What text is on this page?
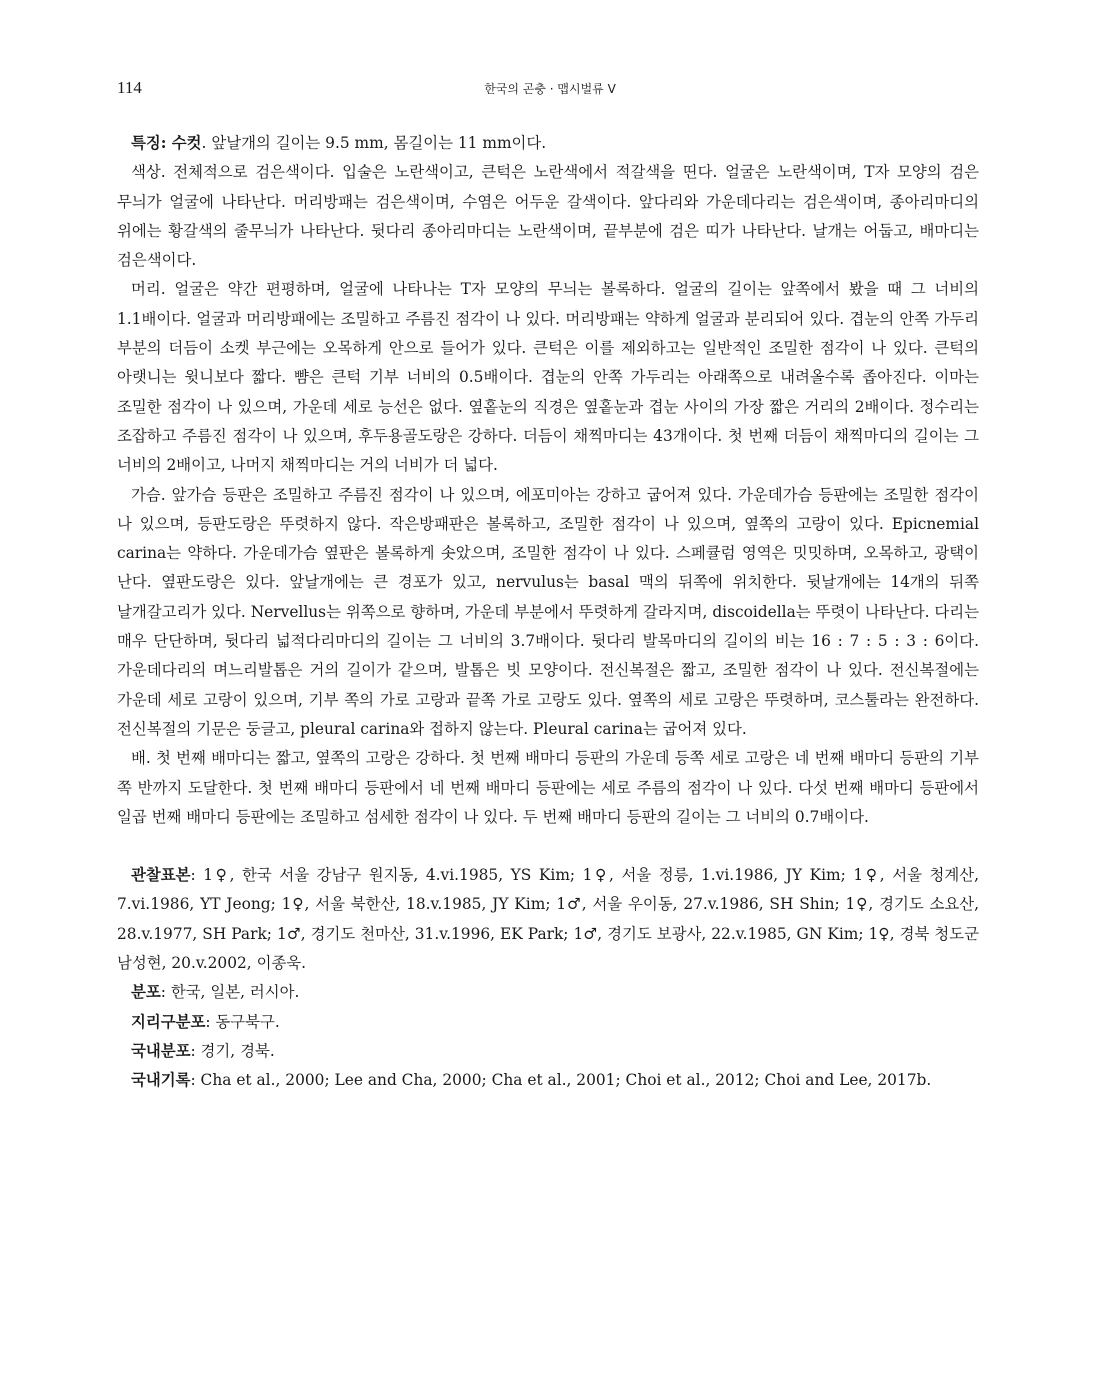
114	한국의 곤충 · 맵시벌류 V

특징: 수컷. 앞날개의 길이는 9.5 mm, 몸길이는 11 mm이다.

색상. 전체적으로 검은색이다. 입술은 노란색이고, 큰턱은 노란색에서 적갈색을 띤다. 얼굴은 노란색이며, T자 모양의 검은 무늬가 얼굴에 나타난다. 머리방패는 검은색이며, 수염은 어두운 갈색이다. 앞다리와 가운데다리는 검은색이며, 종아리마디의 위에는 황갈색의 줄무늬가 나타난다. 뒷다리 종아리마디는 노란색이며, 끝부분에 검은 띠가 나타난다. 날개는 어둡고, 배마디는 검은색이다.

머리. 얼굴은 약간 편평하며, 얼굴에 나타나는 T자 모양의 무늬는 볼록하다. 얼굴의 길이는 앞쪽에서 봤을 때 그 너비의 1.1배이다. 얼굴과 머리방패에는 조밀하고 주름진 점각이 나 있다. 머리방패는 약하게 얼굴과 분리되어 있다. 겹눈의 안쪽 가두리 부분의 더듬이 소켓 부근에는 오목하게 안으로 들어가 있다. 큰턱은 이를 제외하고는 일반적인 조밀한 점각이 나 있다. 큰턱의 아랫니는 윗니보다 짧다. 뺨은 큰턱 기부 너비의 0.5배이다. 겹눈의 안쪽 가두리는 아래쪽으로 내려올수록 좁아진다. 이마는 조밀한 점각이 나 있으며, 가운데 세로 능선은 없다. 옆홑눈의 직경은 옆홑눈과 겹눈 사이의 가장 짧은 거리의 2배이다. 정수리는 조잡하고 주름진 점각이 나 있으며, 후두용골도랑은 강하다. 더듬이 채찍마디는 43개이다. 첫 번째 더듬이 채찍마디의 길이는 그 너비의 2배이고, 나머지 채찍마디는 거의 너비가 더 넓다.

가슴. 앞가슴 등판은 조밀하고 주름진 점각이 나 있으며, 에포미아는 강하고 굽어져 있다. 가운데가슴 등판에는 조밀한 점각이 나 있으며, 등판도랑은 뚜렷하지 않다. 작은방패판은 볼록하고, 조밀한 점각이 나 있으며, 옆쪽의 고랑이 있다. Epicnemial carina는 약하다. 가운데가슴 옆판은 볼록하게 솟았으며, 조밀한 점각이 나 있다. 스페큘럼 영역은 밋밋하며, 오목하고, 광택이 난다. 옆판도랑은 있다. 앞날개에는 큰 경포가 있고, nervulus는 basal 맥의 뒤쪽에 위치한다. 뒷날개에는 14개의 뒤쪽 날개갈고리가 있다. Nervellus는 위쪽으로 향하며, 가운데 부분에서 뚜렷하게 갈라지며, discoidella는 뚜렷이 나타난다. 다리는 매우 단단하며, 뒷다리 넓적다리마디의 길이는 그 너비의 3.7배이다. 뒷다리 발목마디의 길이의 비는 16 : 7 : 5 : 3 : 6이다. 가운데다리의 며느리발톱은 거의 길이가 같으며, 발톱은 빗 모양이다. 전신복절은 짧고, 조밀한 점각이 나 있다. 전신복절에는 가운데 세로 고랑이 있으며, 기부 쪽의 가로 고랑과 끝쪽 가로 고랑도 있다. 옆쪽의 세로 고랑은 뚜렷하며, 코스툴라는 완전하다. 전신복절의 기문은 둥글고, pleural carina와 접하지 않는다. Pleural carina는 굽어져 있다.

배. 첫 번째 배마디는 짧고, 옆쪽의 고랑은 강하다. 첫 번째 배마디 등판의 가운데 등쪽 세로 고랑은 네 번째 배마디 등판의 기부 쪽 반까지 도달한다. 첫 번째 배마디 등판에서 네 번째 배마디 등판에는 세로 주름의 점각이 나 있다. 다섯 번째 배마디 등판에서 일곱 번째 배마디 등판에는 조밀하고 섬세한 점각이 나 있다. 두 번째 배마디 등판의 길이는 그 너비의 0.7배이다.

관찰표본: 1♀, 한국 서울 강남구 원지동, 4.vi.1985, YS Kim; 1♀, 서울 정릉, 1.vi.1986, JY Kim; 1♀, 서울 청계산, 7.vi.1986, YT Jeong; 1♀, 서울 북한산, 18.v.1985, JY Kim; 1♂, 서울 우이동, 27.v.1986, SH Shin; 1♀, 경기도 소요산, 28.v.1977, SH Park; 1♂, 경기도 천마산, 31.v.1996, EK Park; 1♂, 경기도 보광사, 22.v.1985, GN Kim; 1♀, 경북 청도군 남성현, 20.v.2002, 이종욱.

분포: 한국, 일본, 러시아.

지리구분포: 동구북구.

국내분포: 경기, 경북.

국내기록: Cha et al., 2000; Lee and Cha, 2000; Cha et al., 2001; Choi et al., 2012; Choi and Lee, 2017b.
